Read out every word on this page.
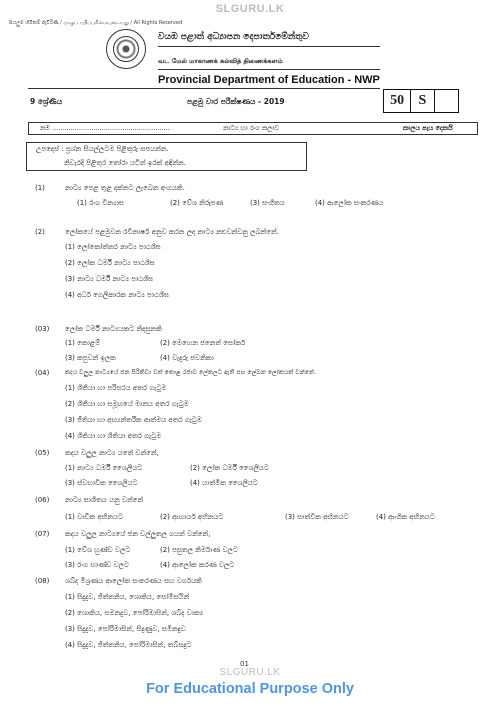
SLGURU.LK
සියලුම හිමිකම් ඇවිරිණි / முழுப் பதிப்புரிமையுடையது / All Rights Reserved
වයඹ පළාත් අධ්‍යාපන දෙපාර්තමේන්තුව
வட மேல் மாகாணக் கல்வித் திணைக்களம்
Provincial Department of Education - NWP
9 ශ්‍රේණිය	පළමු වාර පරීක්ෂණය - 2019	50	S
නම .........................................................	නාට්‍ය හා රංග කලාව	කාලය පැය දෙකයි
උපදෙස් : ප්‍රශ්න සියල්ලටම පිළිතුරු සපයන්න.
නිවැරදි පිළිතුර තෝරා යටින් ඉරක් අඳින්න.
(1)	නාට්‍ය පෙළ තුළ දක්නට ලැබෙන අංගයකි.
(1) රංග වින්‍යාස	(2) වේශ නිරූපණ	(3) සංගීතය	(4) ආලෝක සංකරණය
(2)	ලෝකයේ පළමුවන රවිනාර්ෂ අනුව කරන ලද නාට්‍ය නළුවන්වනු ලබන්නේ.
(1) ලෝකෝත්තර නාට්‍ය පාඨශීඝ
(2) ලෝක ධර්මී නාට්‍ය පාඨශීඝ
(3) නාට්‍ය ධර්මී නාට්‍ය පාඨශීඝ
(4) අර්ධ ගෙලිකාරක නාට්‍ය පාඨශීඝ
(03) ලෝක ධර්මී නාට්‍යයකට නිදසුනකි
(1) කොළම්	(2) මෙහෙන ජනෙත් සෝකර්
(3) කපුවන් ඉලක	(4) වැදුරු ජවනිකා
(04)	කදය වලුල නාට්‍යයේ ජන සිරිකිඩා වත් කොළ රජාව ලේකලට ඇති පහ ලේඛන ලෝකයක් වන්නේ.
(1) ශීතීයා හා පරිසරය අතර ගැටුම
(2) ශීතීයා හා සමූහයේ මානය අතර ගැටුම
(3) ජීතියා හා අභ්‍යන්තරීක ආත්මය අතර ගැටුම
(4) ශීතියා හා ශීතියා අතර ගැටුම
(05) කදය වලුල නාට්‍ය යතේ වන්නේ,
(1) නාට්‍ය ධර්මී ශෛලියට	(2) ලෝක ධර්මී ශෛලියට
(3) ස්වභාවික ශෛලියට	(4) යාත්මික ශෛලියට
(06) නාට්‍ය සාශීතය යනු වන්නේ
(1) වාචික අභිනයට	(2) ආහාර්ය අභිනයට	(3) සාත්වික අභිනයට	(4) ආංගික අභිනයට
(07) කදය වලුල නාට්‍යයේ ජන වල්ලුතල ගයන් වන්නේ,
(1) වේශ හුණ්ඩ වලට	(2) පසුතල නිර්මාණ වලට
(3) රංග භාණ්ඩ වලට	(4) ආලෝක කරණ වලට
(08) ශබ්ද මිශ්‍රණය ආලෝක සංකරණය සහ වර්ගයකි
(1) සිදුදුව, ජිත්තනිය, ශොකිය, සෝමිසයින්
(2) ශොකිය, සමනදුව, පෝරිමාසින්, ශබ්ද වාක්‍ය
(3) සිදුදුව, පෝරිමාසින්, සිදුණුව, සමීනදුව
(4) සිදුදුව, ජිත්තනිය, පෝරිමාසින්, තබ්සදුට
01
SLGURU.LK
For Educational Purpose Only
